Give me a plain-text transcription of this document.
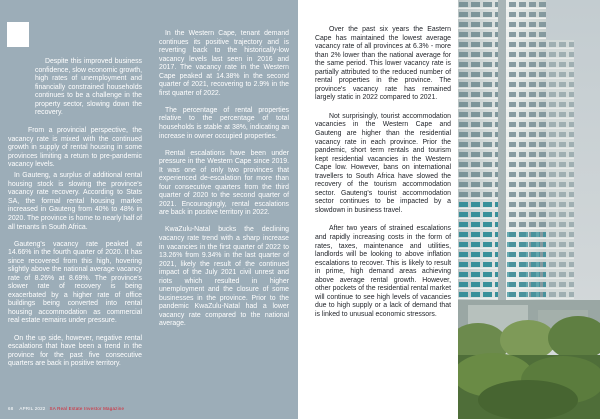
Despite this improved business confidence, slow economic growth, high rates of unemployment and financially constrained households continues to be a challenge in the property sector, slowing down the recovery.

From a provincial perspective, the vacancy rate is mixed with the continued growth in supply of rental housing in some provinces limiting a return to pre-pandemic vacancy levels.

In Gauteng, a surplus of additional rental housing stock is slowing the province's vacancy rate recovery. According to Stats SA, the formal rental housing market increased in Gauteng from 40% to 48% in 2020. The province is home to nearly half of all tenants in South Africa.

Gauteng's vacancy rate peaked at 14.66% in the fourth quarter of 2020. It has since recovered from this high, hovering slightly above the national average vacancy rate of 8.26% at 8.69%. The province's slower rate of recovery is being exacerbated by a higher rate of office buildings being converted into rental housing accommodation as commercial real estate remains under pressure.

On the up side, however, negative rental escalations that have been a trend in the province for the past five consecutive quarters are back in positive territory.

In the Western Cape, tenant demand continues its positive trajectory and is reverting back to the historically-low vacancy levels last seen in 2016 and 2017. The vacancy rate in the Western Cape peaked at 14.38% in the second quarter of 2021, recovering to 2.9% in the first quarter of 2022.

The percentage of rental properties relative to the percentage of total households is stable at 38%, indicating an increase in owner occupied properties.

Rental escalations have been under pressure in the Western Cape since 2019. It was one of only two provinces that experienced de-escalation for more than four consecutive quarters from the third quarter of 2020 to the second quarter of 2021. Encouragingly, rental escalations are back in positive territory in 2022.

KwaZulu-Natal bucks the declining vacancy rate trend with a sharp increase in vacancies in the first quarter of 2022 to 13.26% from 9.34% in the last quarter of 2021, likely the result of the continued impact of the July 2021 civil unrest and riots which resulted in higher unemployment and the closure of some businesses in the province. Prior to the pandemic KwaZulu-Natal had a lower vacancy rate compared to the national average.

68 APRIL 2022 SA Real Estate Investor Magazine

Over the past six years the Eastern Cape has maintained the lowest average vacancy rate of all provinces at 6.3% - more than 2% lower than the national average for the same period. This lower vacancy rate is partially attributed to the reduced number of rental properties in the province. The province's vacancy rate has remained largely static in 2022 compared to 2021.

Not surprisingly, tourist accommodation vacancies in the Western Cape and Gauteng are higher than the residential vacancy rate in each province. Prior the pandemic, short term rentals and tourism kept residential vacancies in the Western Cape low. However, bans on international travellers to South Africa have slowed the recovery of the tourism accommodation sector. Gauteng's tourist accommodation sector continues to be impacted by a slowdown in business travel.

After two years of strained escalations and rapidly increasing costs in the form of rates, taxes, maintenance and utilities, landlords will be looking to above inflation escalations to recover. This is likely to result in prime, high demand areas achieving above average rental growth. However, other pockets of the residential rental market will continue to see high levels of vacancies due to high supply or a lack of demand that is linked to unusual economic stressors.
